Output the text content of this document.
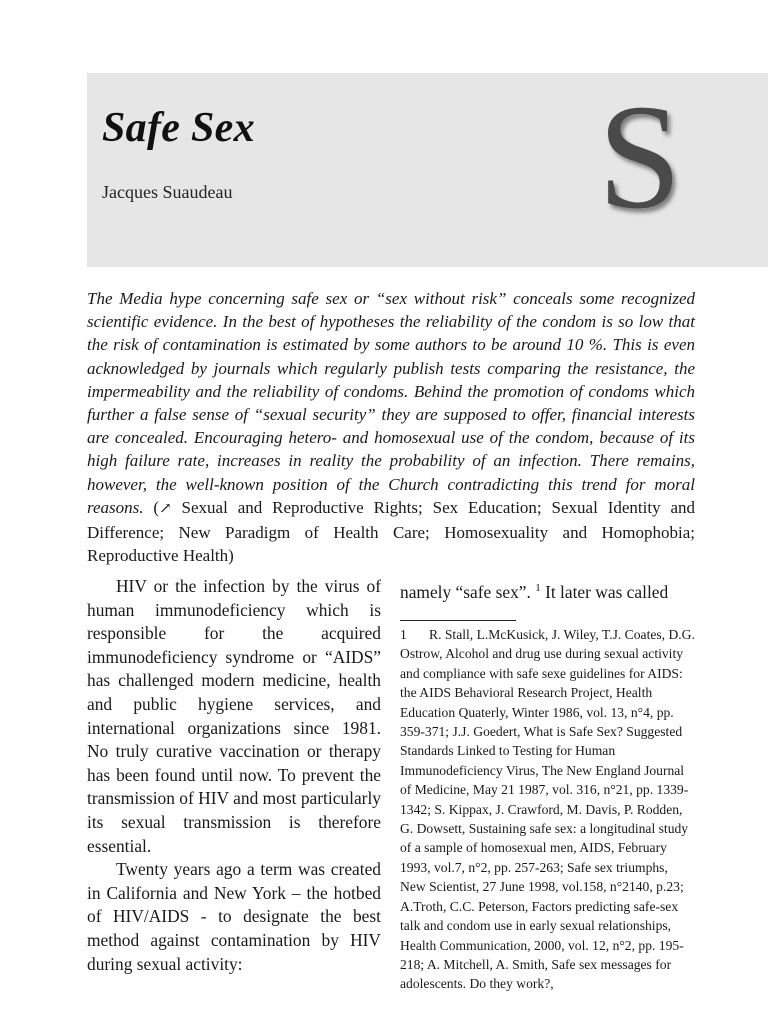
Safe Sex
Jacques Suaudeau S
The Media hype concerning safe sex or “sex without risk” conceals some recognized scientific evidence. In the best of hypotheses the reliability of the condom is so low that the risk of contamination is estimated by some authors to be around 10 %. This is even acknowledged by journals which regularly publish tests comparing the resistance, the impermeability and the reliability of condoms. Behind the promotion of condoms which further a false sense of “sexual security” they are supposed to offer, financial interests are concealed. Encouraging hetero- and homosexual use of the condom, because of its high failure rate, increases in reality the probability of an infection. There remains, however, the well-known position of the Church contradicting this trend for moral reasons. (↗ Sexual and Reproductive Rights; Sex Education; Sexual Identity and Difference; New Paradigm of Health Care; Homosexuality and Homophobia; Reproductive Health)

HIV or the infection by the virus of human immunodeficiency which is responsible for the acquired immunodeficiency syndrome or “AIDS” has challenged modern medicine, health and public hygiene services, and international organizations since 1981. No truly curative vaccination or therapy has been found until now. To prevent the transmission of HIV and most particularly its sexual transmission is therefore essential.

Twenty years ago a term was created in California and New York – the hotbed of HIV/AIDS - to designate the best method against contamination by HIV during sexual activity:

namely “safe sex”. $^1$ It later was called
1 R. Stall, L.McKusick, J. Wiley, T.J. Coates, D.G. Ostrow, Alcohol and drug use during sexual activity and compliance with safe sexe guidelines for AIDS: the AIDS Behavioral Research Project, Health Education Quaterly, Winter 1986, vol. 13, n°4, pp. 359-371; J.J. Goedert, What is Safe Sex? Suggested Standards Linked to Testing for Human Immunodeficiency Virus, The New England Journal of Medicine, May 21 1987, vol. 316, n°21, pp. 1339-1342; S. Kippax, J. Crawford, M. Davis, P. Rodden, G. Dowsett, Sustaining safe sex: a longitudinal study of a sample of homosexual men, AIDS, February 1993, vol.7, n°2, pp. 257-263; Safe sex triumphs, New Scientist, 27 June 1998, vol.158, n°2140, p.23; A.Troth, C.C. Peterson, Factors predicting safe-sex talk and condom use in early sexual relationships, Health Communication, 2000, vol. 12, n°2, pp. 195-218; A. Mitchell, A. Smith, Safe sex messages for adolescents. Do they work?,
